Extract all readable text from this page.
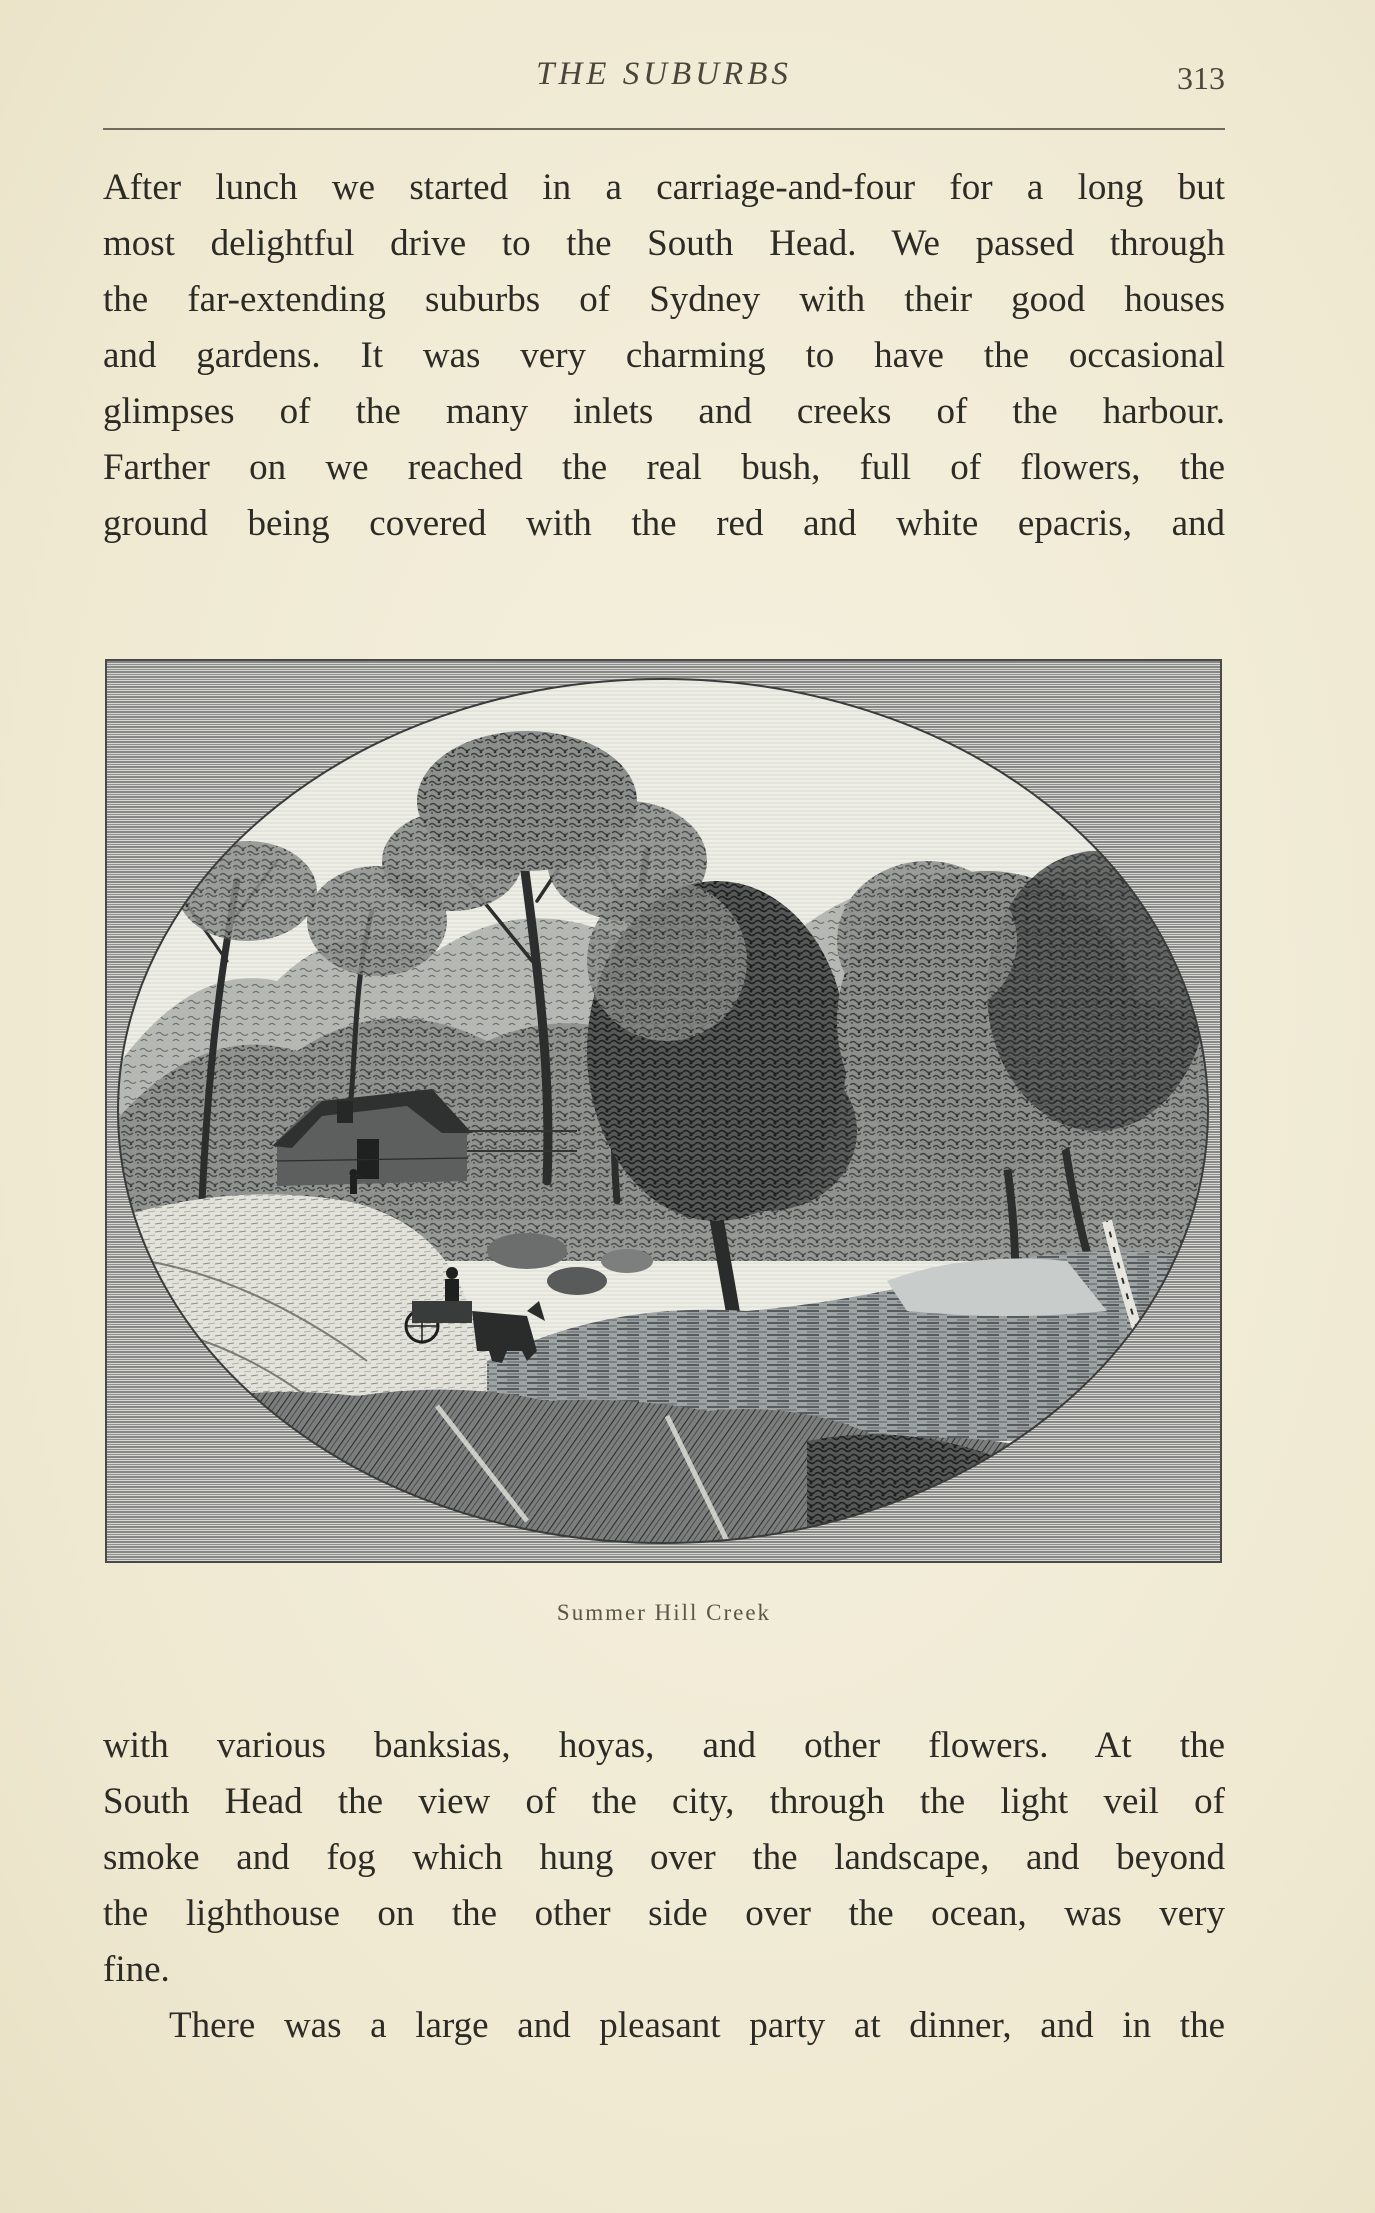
THE SUBURBS	313

After lunch we started in a carriage-and-four for a long but

most delightful drive to the South Head. We passed through

the far-extending suburbs of Sydney with their good houses

and gardens. It was very charming to have the occasional

glimpses of the many inlets and creeks of the harbour.

Farther on we reached the real bush, full of flowers, the

ground being covered with the red and white epacris, and

Summer Hill Creek

with various banksias, hoyas, and other flowers. At the

South Head the view of the city, through the light veil of

smoke and fog which hung over the landscape, and beyond

the lighthouse on the other side over the ocean, was very

fine.

There was a large and pleasant party at dinner, and in the
